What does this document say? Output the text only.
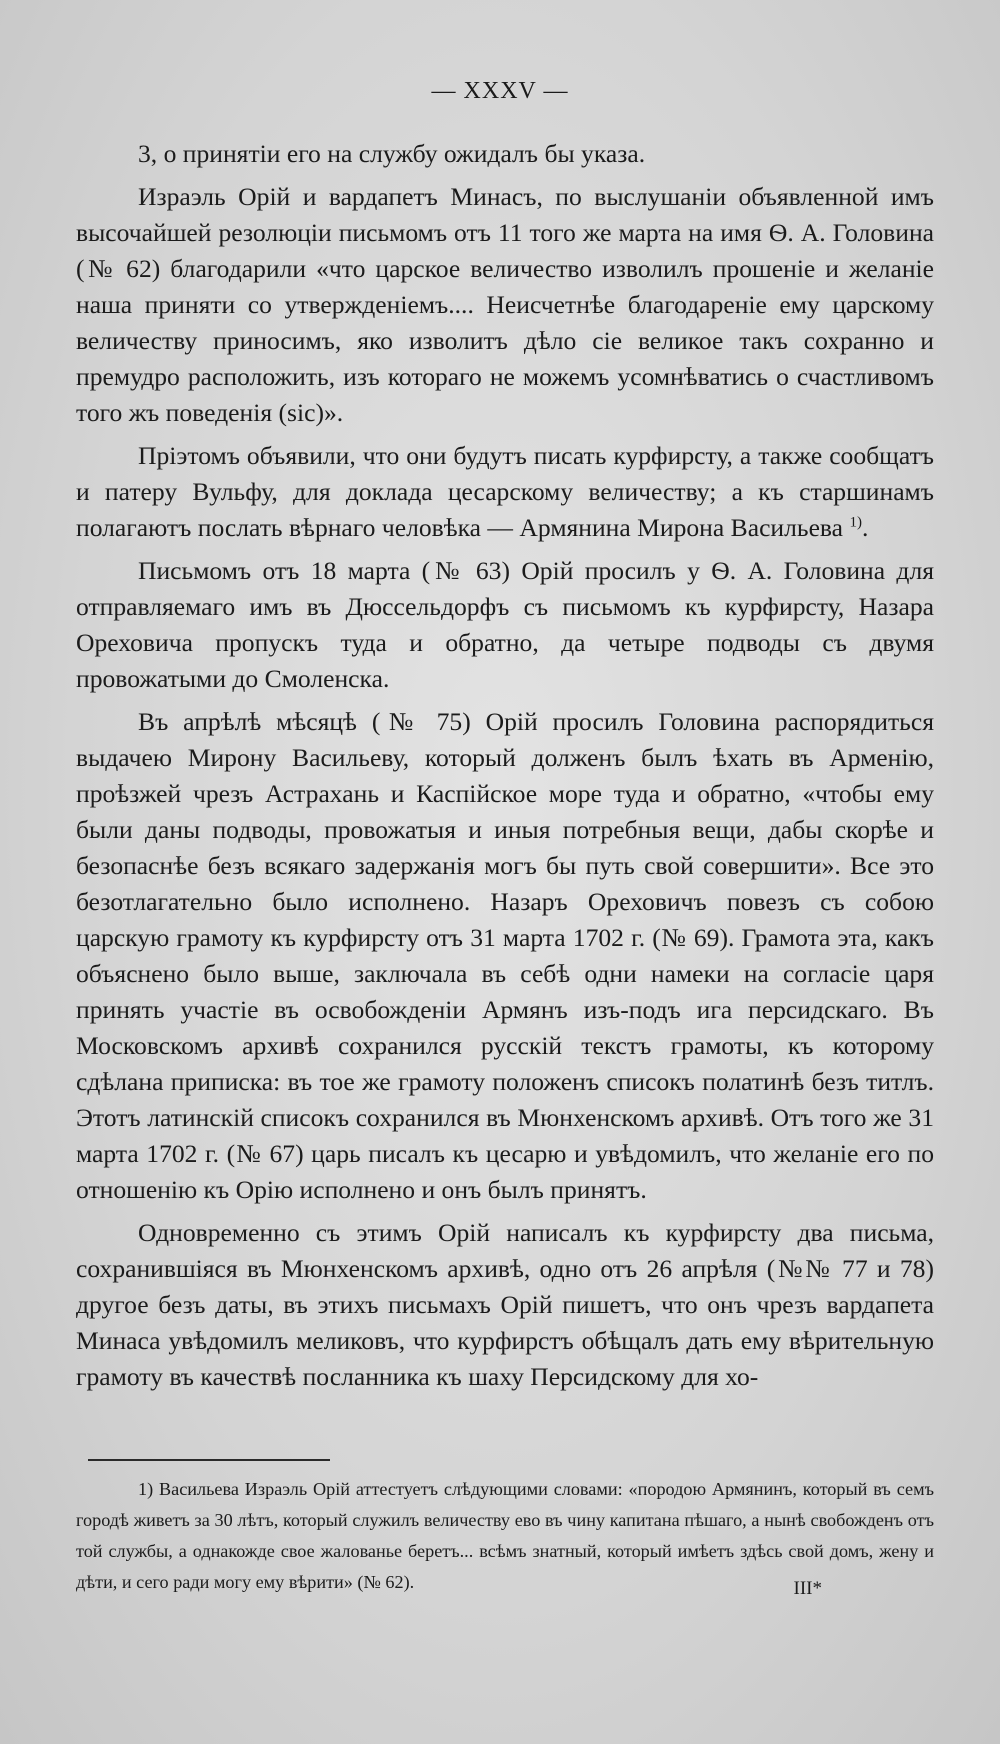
— XXXV —

3, о принятіи его на службу ожидалъ бы указа.

Израэль Орій и вардапетъ Минасъ, по выслушаніи объявленной имъ высочайшей резолюціи письмомъ отъ 11 того же марта на имя Ѳ. А. Головина (№ 62) благодарили «что царское величество изволилъ прошеніе и желаніе наша приняти со утвержденіемъ.... Неисчетнѣе благодареніе ему царскому величеству приносимъ, яко изволитъ дѣло сіе великое такъ сохранно и премудро расположить, изъ котораго не можемъ усомнѣватись о счастливомъ того жъ поведенія (sic)».

Пріэтомъ объявили, что они будутъ писать курфирсту, а также сообщатъ и патеру Вульфу, для доклада цесарскому величеству; а къ старшинамъ полагаютъ послать вѣрнаго человѣка — Армянина Мирона Васильева $^{1)}$.

Письмомъ отъ 18 марта (№ 63) Орій просилъ у Ѳ. А. Головина для отправляемаго имъ въ Дюссельдорфъ съ письмомъ къ курфирсту, Назара Ореховича пропускъ туда и обратно, да четыре подводы съ двумя провожатыми до Смоленска.

Въ апрѣлѣ мѣсяцѣ (№ 75) Орій просилъ Головина распорядиться выдачею Мирону Васильеву, который долженъ былъ ѣхать въ Арменію, проѣзжей чрезъ Астрахань и Каспійское море туда и обратно, «чтобы ему были даны подводы, провожатыя и иныя потребныя вещи, дабы скорѣе и безопаснѣе безъ всякаго задержанія могъ бы путь свой совершити». Все это безотлагательно было исполнено. Назаръ Ореховичъ повезъ съ собою царскую грамоту къ курфирсту отъ 31 марта 1702 г. (№ 69). Грамота эта, какъ объяснено было выше, заключала въ себѣ одни намеки на согласіе царя принять участіе въ освобожденіи Армянъ изъ-подъ ига персидскаго. Въ Московскомъ архивѣ сохранился русскій текстъ грамоты, къ которому сдѣлана приписка: въ тое же грамоту положенъ списокъ полатинѣ безъ титлъ. Этотъ латинскій списокъ сохранился въ Мюнхенскомъ архивѣ. Отъ того же 31 марта 1702 г. (№ 67) царь писалъ къ цесарю и увѣдомилъ, что желаніе его по отношенію къ Орію исполнено и онъ былъ принятъ.

Одновременно съ этимъ Орій написалъ къ курфирсту два письма, сохранившіяся въ Мюнхенскомъ архивѣ, одно отъ 26 апрѣля (№№ 77 и 78) другое безъ даты, въ этихъ письмахъ Орій пишетъ, что онъ чрезъ вардапета Минаса увѣдомилъ меликовъ, что курфирстъ обѣщалъ дать ему вѣрительную грамоту въ качествѣ посланника къ шаху Персидскому для хо-

1) Васильева Израэль Орій аттестуетъ слѣдующими словами: «породою Армянинъ, который въ семъ городѣ живетъ за 30 лѣтъ, который служилъ величеству ево въ чину капитана пѣшаго, а нынѣ свобожденъ отъ той службы, а однакожде свое жалованье беретъ... всѣмъ знатный, который имѣетъ здѣсь свой домъ, жену и дѣти, и сего ради могу ему вѣрити» (№ 62).	III*
